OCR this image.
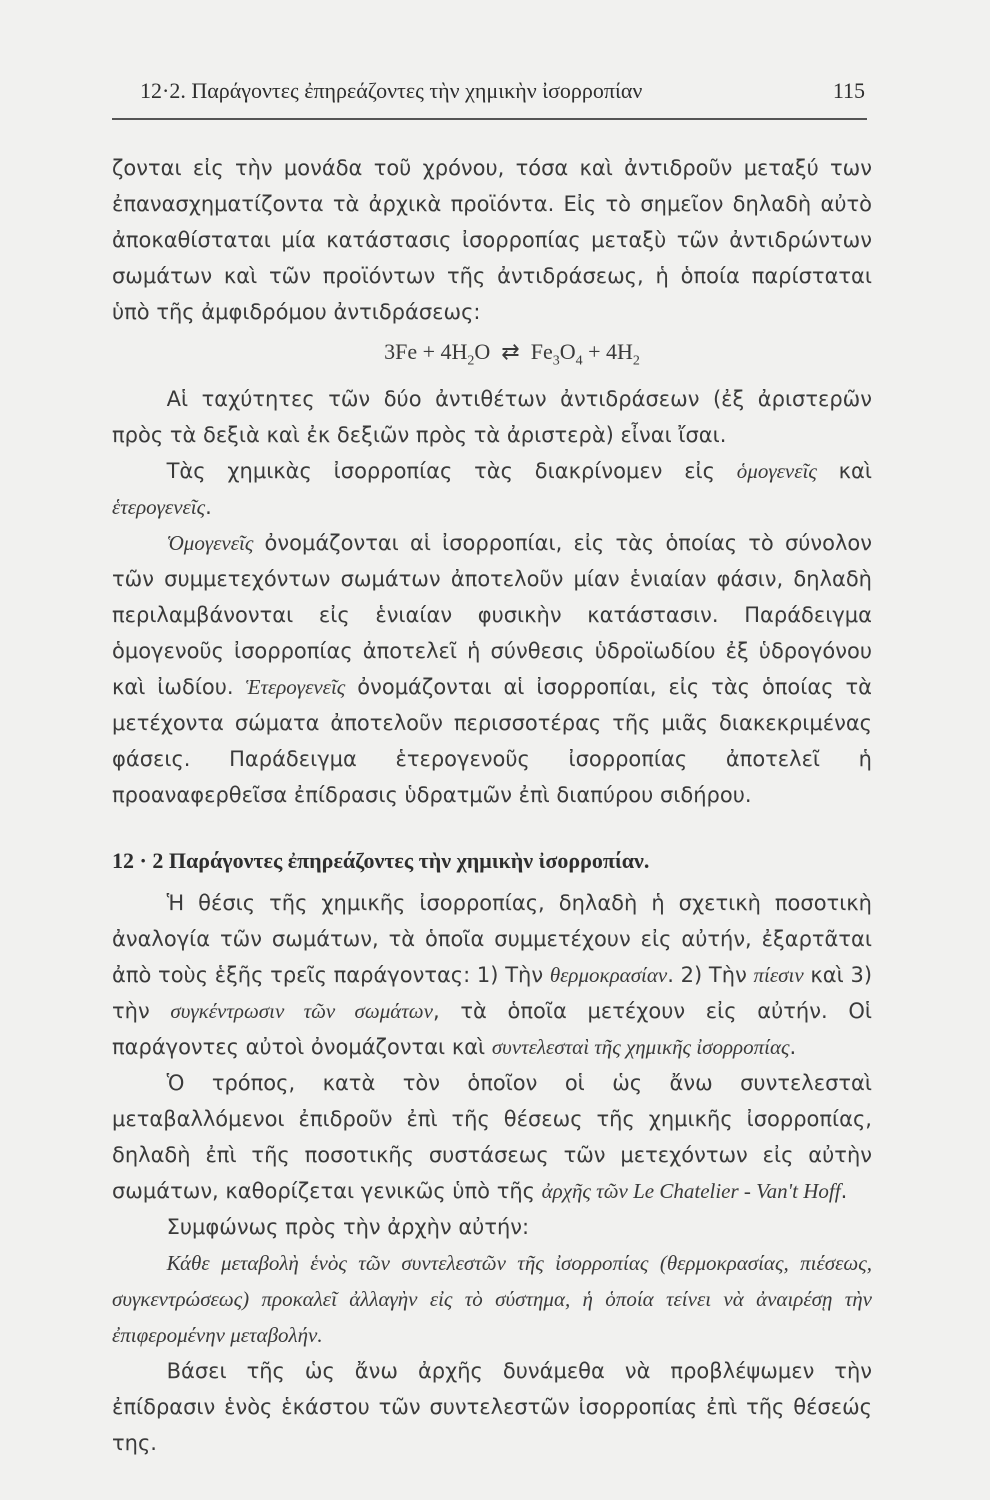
12·2. Παράγοντες ἐπηρεάζοντες τὴν χημικὴν ἰσορροπίαν	115

ζονται εἰς τὴν μονάδα τοῦ χρόνου, τόσα καὶ ἀντιδροῦν μεταξύ των ἐπανασχηματίζοντα τὰ ἀρχικὰ προϊόντα. Εἰς τὸ σημεῖον δηλαδὴ αὐτὸ ἀποκαθίσταται μία κατάστασις ἰσορροπίας μεταξὺ τῶν ἀντιδρώντων σωμάτων καὶ τῶν προϊόντων τῆς ἀντιδράσεως, ἡ ὁποία παρίσταται ὑπὸ τῆς ἀμφιδρόμου ἀντιδράσεως:

$3Fe + 4H_2O$ ⇄ $Fe_3O_4 + 4H_2$

Αἱ ταχύτητες τῶν δύο ἀντιθέτων ἀντιδράσεων (ἐξ ἀριστερῶν πρὸς τὰ δεξιὰ καὶ ἐκ δεξιῶν πρὸς τὰ ἀριστερὰ) εἶναι ἴσαι.

Τὰς χημικὰς ἰσορροπίας τὰς διακρίνομεν εἰς ὁμογενεῖς καὶ ἑτερογενεῖς.

Ὁμογενεῖς ὀνομάζονται αἱ ἰσορροπίαι, εἰς τὰς ὁποίας τὸ σύνολον τῶν συμμετεχόντων σωμάτων ἀποτελοῦν μίαν ἑνιαίαν φάσιν, δηλαδὴ περιλαμβάνονται εἰς ἑνιαίαν φυσικὴν κατάστασιν. Παράδειγμα ὁμογενοῦς ἰσορροπίας ἀποτελεῖ ἡ σύνθεσις ὑδροϊωδίου ἐξ ὑδρογόνου καὶ ἰωδίου. Ἑτερογενεῖς ὀνομάζονται αἱ ἰσορροπίαι, εἰς τὰς ὁποίας τὰ μετέχοντα σώματα ἀποτελοῦν περισσοτέρας τῆς μιᾶς διακεκριμένας φάσεις. Παράδειγμα ἑτερογενοῦς ἰσορροπίας ἀποτελεῖ ἡ προαναφερθεῖσα ἐπίδρασις ὑδρατμῶν ἐπὶ διαπύρου σιδήρου.

12 · 2 Παράγοντες ἐπηρεάζοντες τὴν χημικὴν ἰσορροπίαν.

Ἡ θέσις τῆς χημικῆς ἰσορροπίας, δηλαδὴ ἡ σχετικὴ ποσοτικὴ ἀναλογία τῶν σωμάτων, τὰ ὁποῖα συμμετέχουν εἰς αὐτήν, ἐξαρτᾶται ἀπὸ τοὺς ἑξῆς τρεῖς παράγοντας: 1) Τὴν θερμοκρασίαν. 2) Τὴν πίεσιν καὶ 3) τὴν συγκέντρωσιν τῶν σωμάτων, τὰ ὁποῖα μετέχουν εἰς αὐτήν. Οἱ παράγοντες αὐτοὶ ὀνομάζονται καὶ συντελεσταὶ τῆς χημικῆς ἰσορροπίας.

Ὁ τρόπος, κατὰ τὸν ὁποῖον οἱ ὡς ἄνω συντελεσταὶ μεταβαλλόμενοι ἐπιδροῦν ἐπὶ τῆς θέσεως τῆς χημικῆς ἰσορροπίας, δηλαδὴ ἐπὶ τῆς ποσοτικῆς συστάσεως τῶν μετεχόντων εἰς αὐτὴν σωμάτων, καθορίζεται γενικῶς ὑπὸ τῆς ἀρχῆς τῶν Le Chatelier - Van't Hoff.

Συμφώνως πρὸς τὴν ἀρχὴν αὐτήν:

Κάθε μεταβολὴ ἑνὸς τῶν συντελεστῶν τῆς ἰσορροπίας (θερμοκρασίας, πιέσεως, συγκεντρώσεως) προκαλεῖ ἀλλαγὴν εἰς τὸ σύστημα, ἡ ὁποία τείνει νὰ ἀναιρέσῃ τὴν ἐπιφερομένην μεταβολήν.

Βάσει τῆς ὡς ἄνω ἀρχῆς δυνάμεθα νὰ προβλέψωμεν τὴν ἐπίδρασιν ἑνὸς ἑκάστου τῶν συντελεστῶν ἰσορροπίας ἐπὶ τῆς θέσεώς της.
